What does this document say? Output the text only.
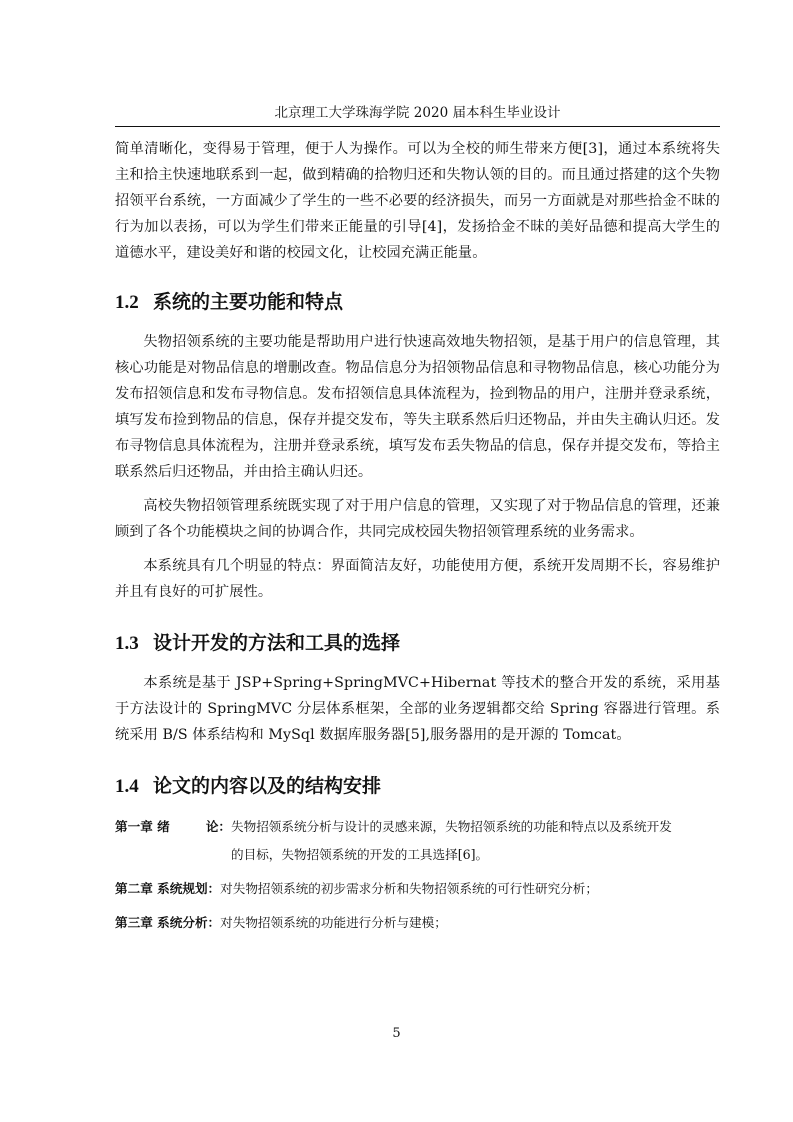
北京理工大学珠海学院 2020 届本科生毕业设计

简单清晰化，变得易于管理，便于人为操作。可以为全校的师生带来方便[3]，通过本系统将失主和拾主快速地联系到一起，做到精确的拾物归还和失物认领的目的。而且通过搭建的这个失物招领平台系统，一方面减少了学生的一些不必要的经济损失，而另一方面就是对那些拾金不昧的行为加以表扬，可以为学生们带来正能量的引导[4]，发扬拾金不昧的美好品德和提高大学生的道德水平，建设美好和谐的校园文化，让校园充满正能量。

1.2 系统的主要功能和特点

失物招领系统的主要功能是帮助用户进行快速高效地失物招领，是基于用户的信息管理，其核心功能是对物品信息的增删改查。物品信息分为招领物品信息和寻物物品信息，核心功能分为发布招领信息和发布寻物信息。发布招领信息具体流程为，捡到物品的用户，注册并登录系统，填写发布捡到物品的信息，保存并提交发布，等失主联系然后归还物品，并由失主确认归还。发布寻物信息具体流程为，注册并登录系统，填写发布丢失物品的信息，保存并提交发布，等拾主联系然后归还物品，并由拾主确认归还。

高校失物招领管理系统既实现了对于用户信息的管理，又实现了对于物品信息的管理，还兼顾到了各个功能模块之间的协调合作，共同完成校园失物招领管理系统的业务需求。

本系统具有几个明显的特点：界面简洁友好，功能使用方便，系统开发周期不长，容易维护并且有良好的可扩展性。

1.3 设计开发的方法和工具的选择

本系统是基于 JSP+Spring+SpringMVC+Hibernat 等技术的整合开发的系统，采用基于方法设计的 SpringMVC 分层体系框架，全部的业务逻辑都交给 Spring 容器进行管理。系统采用 B/S 体系结构和 MySql 数据库服务器[5],服务器用的是开源的 Tomcat。

1.4 论文的内容以及的结构安排
第一章 绪	论： 失物招领系统分析与设计的灵感来源，失物招领系统的功能和特点以及系统开发
的目标，失物招领系统的开发的工具选择[6]。
第二章 系统规划： 对失物招领系统的初步需求分析和失物招领系统的可行性研究分析；
第三章 系统分析： 对失物招领系统的功能进行分析与建模；
5
